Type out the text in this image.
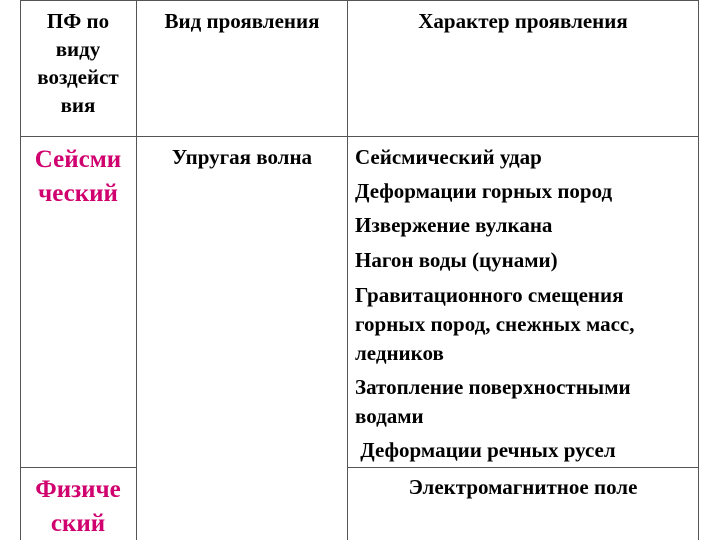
ПФ по
виду
воздейст
вия
Вид проявления	Характер проявления
Сейсми
ческий
Упругая волна	Сейсмический удар
Деформации горных пород
Извержение вулкана
Нагон воды (цунами)
Гравитационного смещения
горных пород, снежных масс,
ледников
Затопление поверхностными
водами
Деформации речных русел
Физиче
ский
Электромагнитное поле
